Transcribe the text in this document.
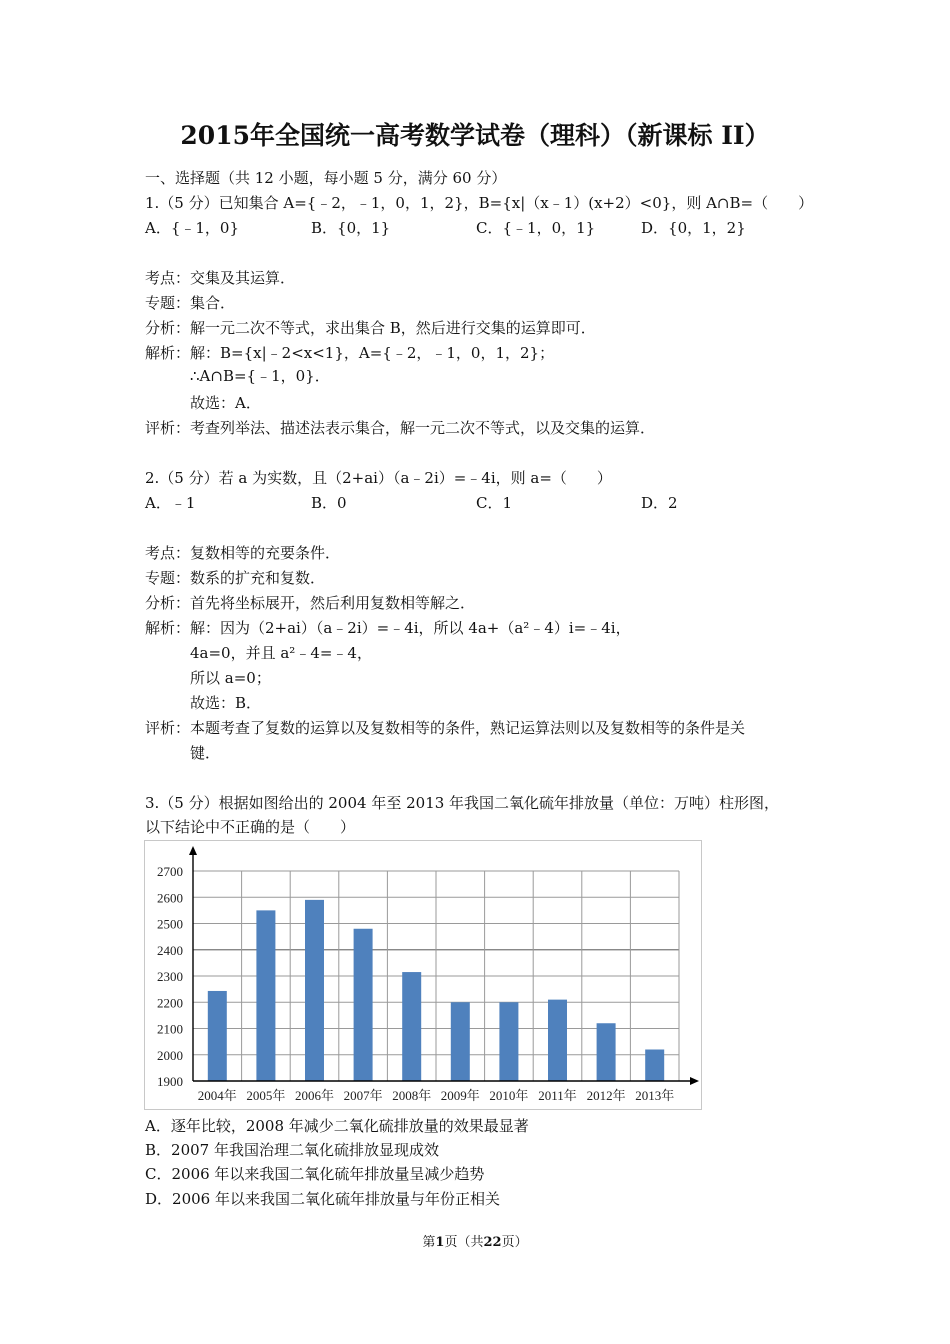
2015年全国统一高考数学试卷（理科）（新课标 II）
一、选择题（共 12 小题，每小题 5 分，满分 60 分）
1.（5 分）已知集合 A={﹣2，﹣1，0，1，2}，B={x|（x﹣1）(x+2）<0}，则 A∩B=（　　）
A．{﹣1，0}	B．{0，1}	C．{﹣1，0，1}	D．{0，1，2}
考点：交集及其运算．
专题：集合．
分析：解一元二次不等式，求出集合 B，然后进行交集的运算即可．
解析：解：B={x|﹣2<x<1}，A={﹣2，﹣1，0，1，2}；
∴A∩B={﹣1，0}．
故选：A．
评析：考查列举法、描述法表示集合，解一元二次不等式，以及交集的运算．
2.（5 分）若 a 为实数，且（2+ai）（a﹣2i）=﹣4i，则 a=（　　）
A．﹣1	B．0	C．1	D．2
考点：复数相等的充要条件．
专题：数系的扩充和复数．
分析：首先将坐标展开，然后利用复数相等解之．
解析：解：因为（2+ai）（a﹣2i）=﹣4i，所以 4a+（a²﹣4）i=﹣4i，
4a=0，并且 a²﹣4=﹣4，
所以 a=0；
故选：B．
评析：本题考查了复数的运算以及复数相等的条件，熟记运算法则以及复数相等的条件是关
键．
3.（5 分）根据如图给出的 2004 年至 2013 年我国二氧化硫年排放量（单位：万吨）柱形图，
以下结论中不正确的是（　　）
1900
2000
2100
2200
2300
2400
2500
2600
2700
2004年 2005年 2006年 2007年 2008年 2009年 2010年 2011年 2012年 2013年
A．逐年比较，2008 年减少二氧化硫排放量的效果最显著
B．2007 年我国治理二氧化硫排放显现成效
C．2006 年以来我国二氧化硫年排放量呈减少趋势
D．2006 年以来我国二氧化硫年排放量与年份正相关
第1页（共22页）
